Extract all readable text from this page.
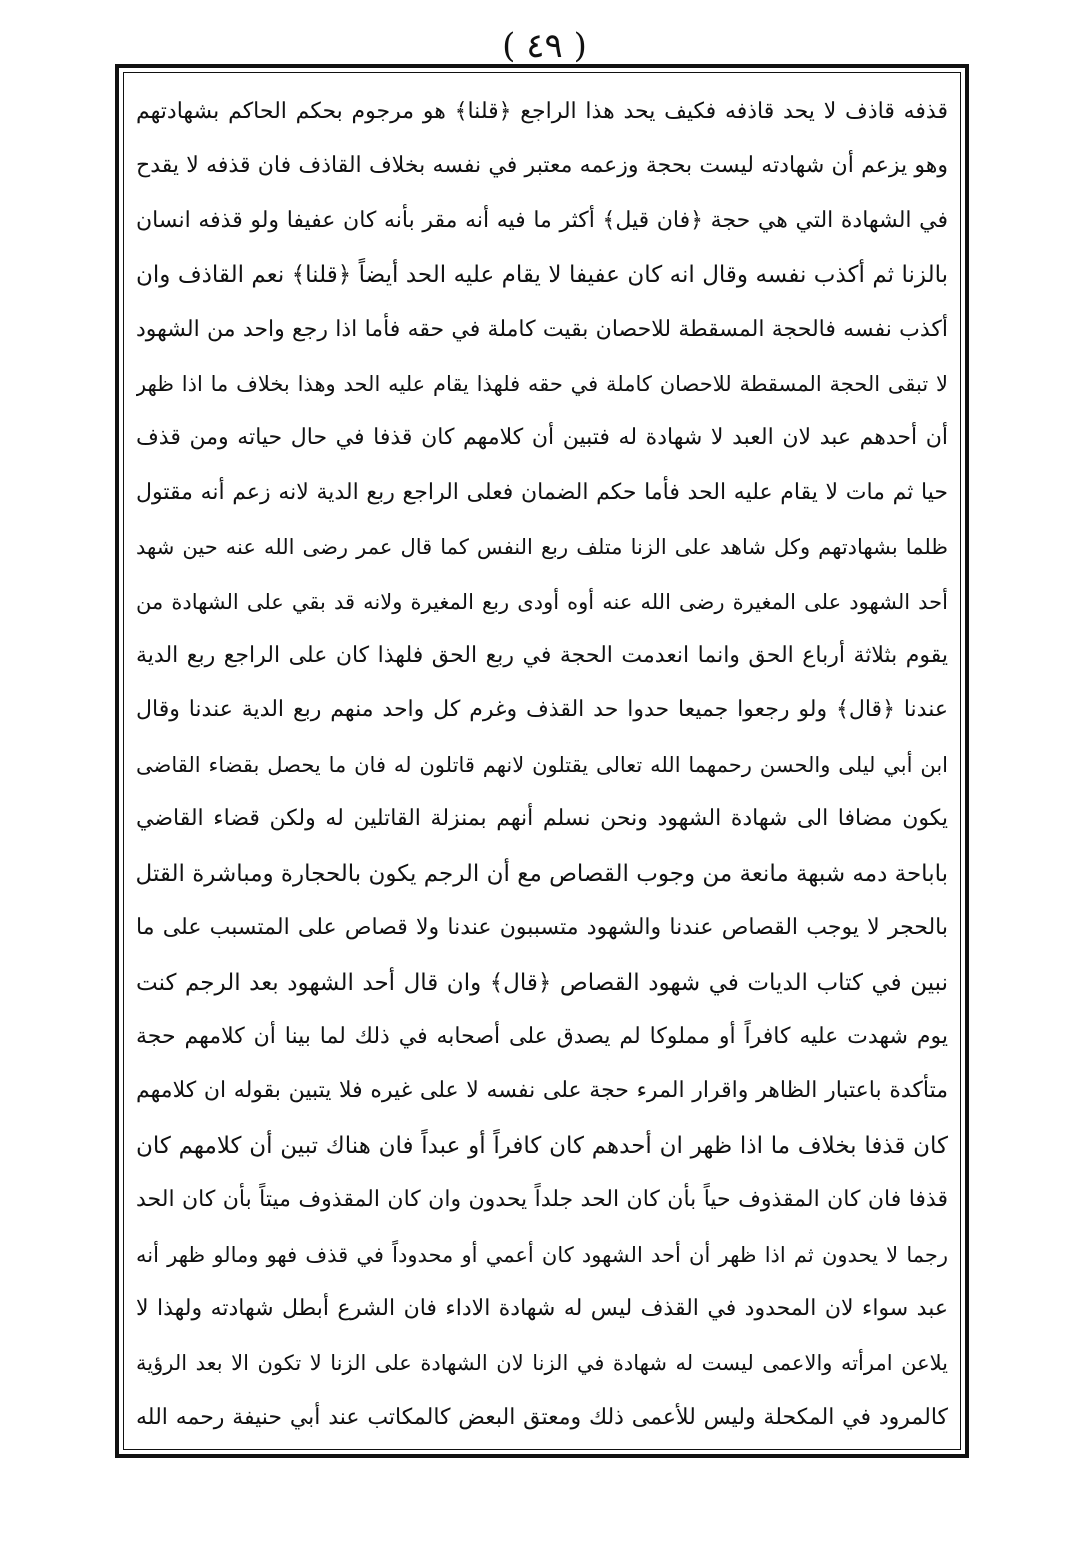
( ٤٩ )
قذفه قاذف لا يحد قاذفه فكيف يحد هذا الراجع ﴿قلنا﴾ هو مرجوم بحكم الحاكم بشهادتهم
وهو يزعم أن شهادته ليست بحجة وزعمه معتبر في نفسه بخلاف القاذف فان قذفه لا يقدح
في الشهادة التي هي حجة ﴿فان قيل﴾ أكثر ما فيه أنه مقر بأنه كان عفيفا ولو قذفه انسان
بالزنا ثم أكذب نفسه وقال انه كان عفيفا لا يقام عليه الحد أيضاً ﴿قلنا﴾ نعم القاذف وان
أكذب نفسه فالحجة المسقطة للاحصان بقيت كاملة في حقه فأما اذا رجع واحد من الشهود
لا تبقى الحجة المسقطة للاحصان كاملة في حقه فلهذا يقام عليه الحد وهذا بخلاف ما اذا ظهر
أن أحدهم عبد لان العبد لا شهادة له فتبين أن كلامهم كان قذفا في حال حياته ومن قذف
حيا ثم مات لا يقام عليه الحد فأما حكم الضمان فعلى الراجع ربع الدية لانه زعم أنه مقتول
ظلما بشهادتهم وكل شاهد على الزنا متلف ربع النفس كما قال عمر رضى الله عنه حين شهد
أحد الشهود على المغيرة رضى الله عنه أوه أودى ربع المغيرة ولانه قد بقي على الشهادة من
يقوم بثلاثة أرباع الحق وانما انعدمت الحجة في ربع الحق فلهذا كان على الراجع ربع الدية
عندنا ﴿قال﴾ ولو رجعوا جميعا حدوا حد القذف وغرم كل واحد منهم ربع الدية عندنا وقال
ابن أبي ليلى والحسن رحمهما الله تعالى يقتلون لانهم قاتلون له فان ما يحصل بقضاء القاضى
يكون مضافا الى شهادة الشهود ونحن نسلم أنهم بمنزلة القاتلين له ولكن قضاء القاضي
باباحة دمه شبهة مانعة من وجوب القصاص مع أن الرجم يكون بالحجارة ومباشرة القتل
بالحجر لا يوجب القصاص عندنا والشهود متسببون عندنا ولا قصاص على المتسبب على ما
نبين في كتاب الديات في شهود القصاص ﴿قال﴾ وان قال أحد الشهود بعد الرجم كنت
يوم شهدت عليه كافراً أو مملوكا لم يصدق على أصحابه في ذلك لما بينا أن كلامهم حجة
متأكدة باعتبار الظاهر واقرار المرء حجة على نفسه لا على غيره فلا يتبين بقوله ان كلامهم
كان قذفا بخلاف ما اذا ظهر ان أحدهم كان كافراً أو عبداً فان هناك تبين أن كلامهم كان
قذفا فان كان المقذوف حياً بأن كان الحد جلداً يحدون وان كان المقذوف ميتاً بأن كان الحد
رجما لا يحدون ثم اذا ظهر أن أحد الشهود كان أعمي أو محدوداً في قذف فهو ومالو ظهر أنه
عبد سواء لان المحدود في القذف ليس له شهادة الاداء فان الشرع أبطل شهادته ولهذا لا
يلاعن امرأته والاعمى ليست له شهادة في الزنا لان الشهادة على الزنا لا تكون الا بعد الرؤية
كالمرود في المكحلة وليس للأعمى ذلك ومعتق البعض كالمكاتب عند أبي حنيفة رحمه الله
